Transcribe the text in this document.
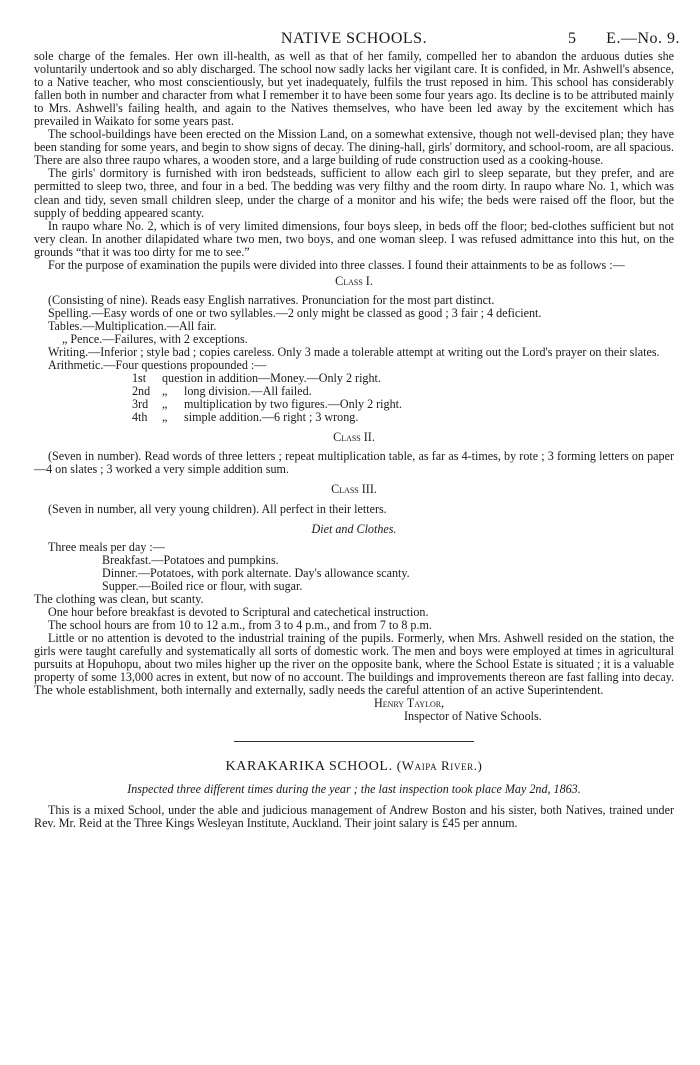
NATIVE SCHOOLS.	5 E.—No. 9.

sole charge of the females. Her own ill-health, as well as that of her family, compelled her to abandon the arduous duties she voluntarily undertook and so ably discharged. The school now sadly lacks her vigilant care. It is confided, in Mr. Ashwell's absence, to a Native teacher, who most conscientiously, but yet inadequately, fulfils the trust reposed in him. This school has considerably fallen both in number and character from what I remember it to have been some four years ago. Its decline is to be attributed mainly to Mrs. Ashwell's failing health, and again to the Natives themselves, who have been led away by the excitement which has prevailed in Waikato for some years past.

The school-buildings have been erected on the Mission Land, on a somewhat extensive, though not well-devised plan; they have been standing for some years, and begin to show signs of decay. The dining-hall, girls' dormitory, and school-room, are all spacious. There are also three raupo whares, a wooden store, and a large building of rude construction used as a cooking-house.

The girls' dormitory is furnished with iron bedsteads, sufficient to allow each girl to sleep separate, but they prefer, and are permitted to sleep two, three, and four in a bed. The bedding was very filthy and the room dirty. In raupo whare No. 1, which was clean and tidy, seven small children sleep, under the charge of a monitor and his wife; the beds were raised off the floor, but the supply of bedding appeared scanty.

In raupo whare No. 2, which is of very limited dimensions, four boys sleep, in beds off the floor; bed-clothes sufficient but not very clean. In another dilapidated whare two men, two boys, and one woman sleep. I was refused admittance into this hut, on the grounds “that it was too dirty for me to see.”

For the purpose of examination the pupils were divided into three classes. I found their attainments to be as follows :—

Class I.

(Consisting of nine). Reads easy English narratives. Pronunciation for the most part distinct.

Spelling.—Easy words of one or two syllables.—2 only might be classed as good ; 3 fair ; 4 deficient.

Tables.—Multiplication.—All fair.

„ Pence.—Failures, with 2 exceptions.

Writing.—Inferior ; style bad ; copies careless. Only 3 made a tolerable attempt at writing out the Lord's prayer on their slates.

Arithmetic.—Four questions propounded :—

1st	question in addition—Money.—Only 2 right.
2nd „	long division.—All failed.
3rd	„	multiplication by two figures.—Only 2 right.
4th	„	simple addition.—6 right ; 3 wrong.
Class II.

(Seven in number). Read words of three letters ; repeat multiplication table, as far as 4-times, by rote ; 3 forming letters on paper—4 on slates ; 3 worked a very simple addition sum.

Class III.

(Seven in number, all very young children). All perfect in their letters.

Diet and Clothes.

Three meals per day :—

Breakfast.—Potatoes and pumpkins.

Dinner.—Potatoes, with pork alternate. Day's allowance scanty.

Supper.—Boiled rice or flour, with sugar.

The clothing was clean, but scanty.

One hour before breakfast is devoted to Scriptural and catechetical instruction.

The school hours are from 10 to 12 a.m., from 3 to 4 p.m., and from 7 to 8 p.m.

Little or no attention is devoted to the industrial training of the pupils. Formerly, when Mrs. Ashwell resided on the station, the girls were taught carefully and systematically all sorts of domestic work. The men and boys were employed at times in agricultural pursuits at Hopuhopu, about two miles higher up the river on the opposite bank, where the School Estate is situated ; it is a valuable property of some 13,000 acres in extent, but now of no account. The buildings and improvements thereon are fast falling into decay. The whole establishment, both internally and externally, sadly needs the careful attention of an active Superintendent.

Henry Taylor,
Inspector of Native Schools.
KARAKARIKA SCHOOL. (Waipa River.)
Inspected three different times during the year ; the last inspection took place May 2nd, 1863.

This is a mixed School, under the able and judicious management of Andrew Boston and his sister, both Natives, trained under Rev. Mr. Reid at the Three Kings Wesleyan Institute, Auckland. Their joint salary is £45 per annum.
